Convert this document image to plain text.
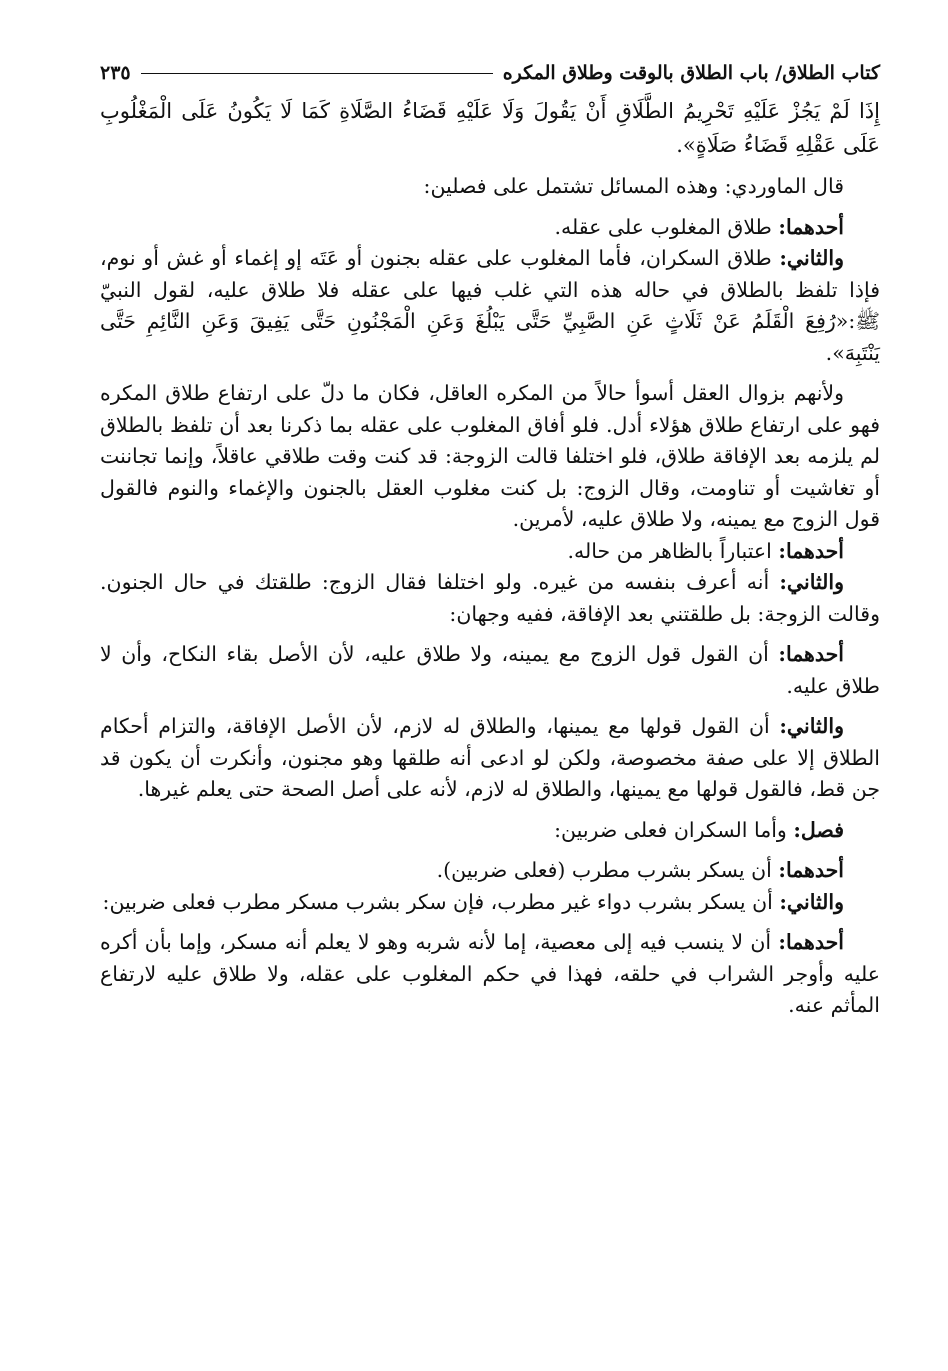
كتاب الطلاق/ باب الطلاق بالوقت وطلاق المكره
٢٣٥

إِذَا لَمْ يَجُزْ عَلَيْهِ تَحْرِيمُ الطَّلَاقِ أَنْ يَقُولَ وَلَا عَلَيْهِ قَضَاءُ الصَّلَاةِ كَمَا لَا يَكُونُ عَلَى الْمَغْلُوبِ عَلَى عَقْلِهِ قَضَاءُ صَلَاةٍ».

قال الماوردي: وهذه المسائل تشتمل على فصلين:

أحدهما: طلاق المغلوب على عقله.

والثاني: طلاق السكران، فأما المغلوب على عقله بجنون أو عَتَه إو إغماء أو غش أو نوم، فإذا تلفظ بالطلاق في حاله هذه التي غلب فيها على عقله فلا طلاق عليه، لقول النبيّ ﷺ:«رُفِعَ الْقَلَمُ عَنْ ثَلَاثٍ عَنِ الصَّبِيِّ حَتَّى يَبْلُغَ وَعَنِ الْمَجْنُونِ حَتَّى يَفِيقَ وَعَنِ النَّائِمِ حَتَّى يَنْتَبِهَ».

ولأنهم بزوال العقل أسوأ حالاً من المكره العاقل، فكان ما دلّ على ارتفاع طلاق المكره فهو على ارتفاع طلاق هؤلاء أدل. فلو أفاق المغلوب على عقله بما ذكرنا بعد أن تلفظ بالطلاق لم يلزمه بعد الإفاقة طلاق، فلو اختلفا قالت الزوجة: قد كنت وقت طلاقي عاقلاً، وإنما تجاننت أو تغاشيت أو تناومت، وقال الزوج: بل كنت مغلوب العقل بالجنون والإغماء والنوم فالقول قول الزوج مع يمينه، ولا طلاق عليه، لأمرين.

أحدهما: اعتباراً بالظاهر من حاله.

والثاني: أنه أعرف بنفسه من غيره. ولو اختلفا فقال الزوج: طلقتك في حال الجنون. وقالت الزوجة: بل طلقتني بعد الإفاقة، ففيه وجهان:

أحدهما: أن القول قول الزوج مع يمينه، ولا طلاق عليه، لأن الأصل بقاء النكاح، وأن لا طلاق عليه.

والثاني: أن القول قولها مع يمينها، والطلاق له لازم، لأن الأصل الإفاقة، والتزام أحكام الطلاق إلا على صفة مخصوصة، ولكن لو ادعى أنه طلقها وهو مجنون، وأنكرت أن يكون قد جن قط، فالقول قولها مع يمينها، والطلاق له لازم، لأنه على أصل الصحة حتى يعلم غيرها.

فصل: وأما السكران فعلى ضربين:

أحدهما: أن يسكر بشرب مطرب (فعلى ضربين).

والثاني: أن يسكر بشرب دواء غير مطرب، فإن سكر بشرب مسكر مطرب فعلى ضربين:

أحدهما: أن لا ينسب فيه إلى معصية، إما لأنه شربه وهو لا يعلم أنه مسكر، وإما بأن أكره عليه وأوجر الشراب في حلقه، فهذا في حكم المغلوب على عقله، ولا طلاق عليه لارتفاع المأثم عنه.
